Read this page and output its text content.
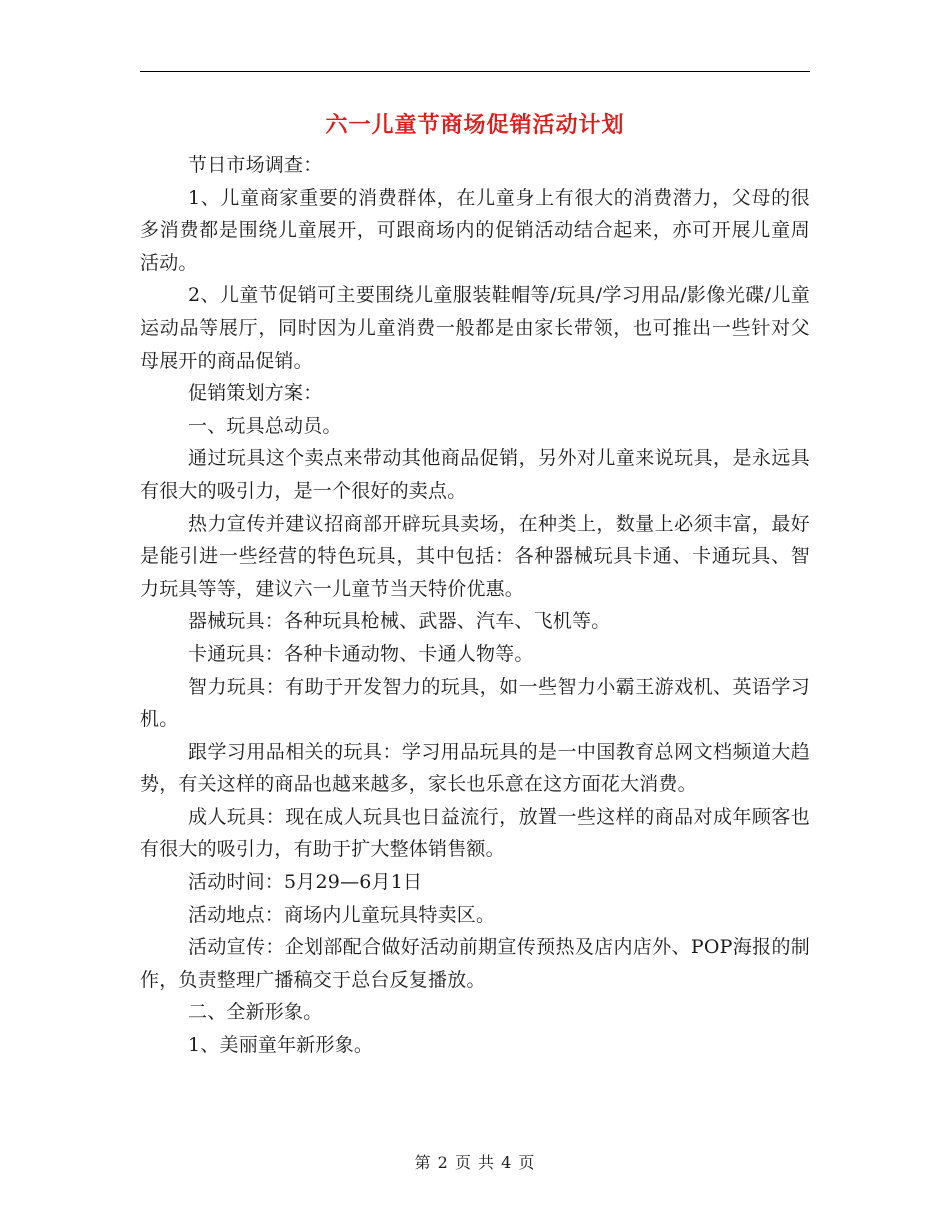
六一儿童节商场促销活动计划

节日市场调查：

1、儿童商家重要的消费群体，在儿童身上有很大的消费潜力，父母的很多消费都是围绕儿童展开，可跟商场内的促销活动结合起来，亦可开展儿童周活动。

2、儿童节促销可主要围绕儿童服装鞋帽等/玩具/学习用品/影像光碟/儿童运动品等展厅，同时因为儿童消费一般都是由家长带领，也可推出一些针对父母展开的商品促销。

促销策划方案：

一、玩具总动员。

通过玩具这个卖点来带动其他商品促销，另外对儿童来说玩具，是永远具有很大的吸引力，是一个很好的卖点。

热力宣传并建议招商部开辟玩具卖场，在种类上，数量上必须丰富，最好是能引进一些经营的特色玩具，其中包括：各种器械玩具卡通、卡通玩具、智力玩具等等，建议六一儿童节当天特价优惠。

器械玩具：各种玩具枪械、武器、汽车、飞机等。

卡通玩具：各种卡通动物、卡通人物等。

智力玩具：有助于开发智力的玩具，如一些智力小霸王游戏机、英语学习机。

跟学习用品相关的玩具：学习用品玩具的是一中国教育总网文档频道大趋势，有关这样的商品也越来越多，家长也乐意在这方面花大消费。

成人玩具：现在成人玩具也日益流行，放置一些这样的商品对成年顾客也有很大的吸引力，有助于扩大整体销售额。

活动时间：5月29—6月1日

活动地点：商场内儿童玩具特卖区。

活动宣传：企划部配合做好活动前期宣传预热及店内店外、POP海报的制作，负责整理广播稿交于总台反复播放。

二、全新形象。

1、美丽童年新形象。

第 2 页 共 4 页
